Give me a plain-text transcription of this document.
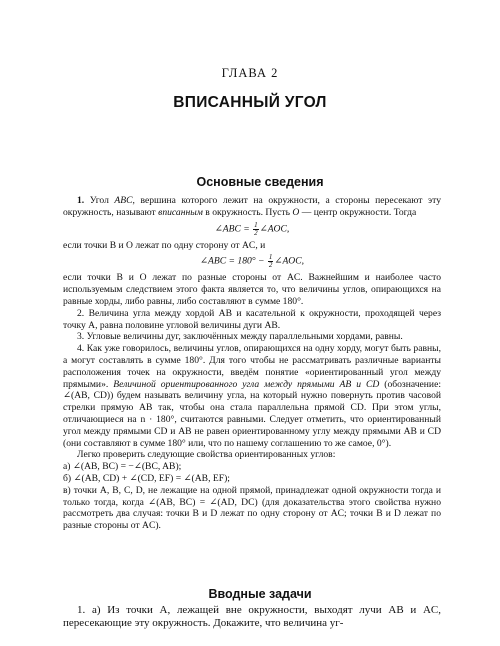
ГЛАВА 2
ВПИСАННЫЙ УГОЛ
Основные сведения

1. Угол ABC, вершина которого лежит на окружности, а стороны пересекают эту окружность, называют вписанным в окружность. Пусть O — центр окружности. Тогда

∠ABC = $\frac{1}{2}$ ∠AOC,

если точки B и O лежат по одну сторону от AC, и

∠ABC = $180^\circ - \frac{1}{2}$ ∠AOC,

если точки B и O лежат по разные стороны от AC. Важнейшим и наиболее часто используемым следствием этого факта является то, что величины углов, опирающихся на равные хорды, либо равны, либо составляют в сумме 180°.

2. Величина угла между хордой AB и касательной к окружности, проходящей через точку A, равна половине угловой величины дуги AB.

3. Угловые величины дуг, заключённых между параллельными хордами, равны.

4. Как уже говорилось, величины углов, опирающихся на одну хорду, могут быть равны, а могут составлять в сумме 180°. Для того чтобы не рассматривать различные варианты расположения точек на окружности, введём понятие «ориентированный угол между прямыми». Величиной ориентированного угла между прямыми AB и CD (обозначение: ∠(AB, CD)) будем называть величину угла, на который нужно повернуть против часовой стрелки прямую AB так, чтобы она стала параллельна прямой CD. При этом углы, отличающиеся на n · 180°, считаются равными. Следует отметить, что ориентированный угол между прямыми CD и AB не равен ориентированному углу между прямыми AB и CD (они составляют в сумме 180° или, что по нашему соглашению то же самое, 0°).

Легко проверить следующие свойства ориентированных углов:

а) ∠(AB, BC) = −∠(BC, AB);

б) ∠(AB, CD) + ∠(CD, EF) = ∠(AB, EF);

в) точки A, B, C, D, не лежащие на одной прямой, принадлежат одной окружности тогда и только тогда, когда ∠(AB, BC) = ∠(AD, DC) (для доказательства этого свойства нужно рассмотреть два случая: точки B и D лежат по одну сторону от AC; точки B и D лежат по разные стороны от AC).

Вводные задачи

1. а) Из точки A, лежащей вне окружности, выходят лучи AB и AC, пересекающие эту окружность. Докажите, что величина уг-
